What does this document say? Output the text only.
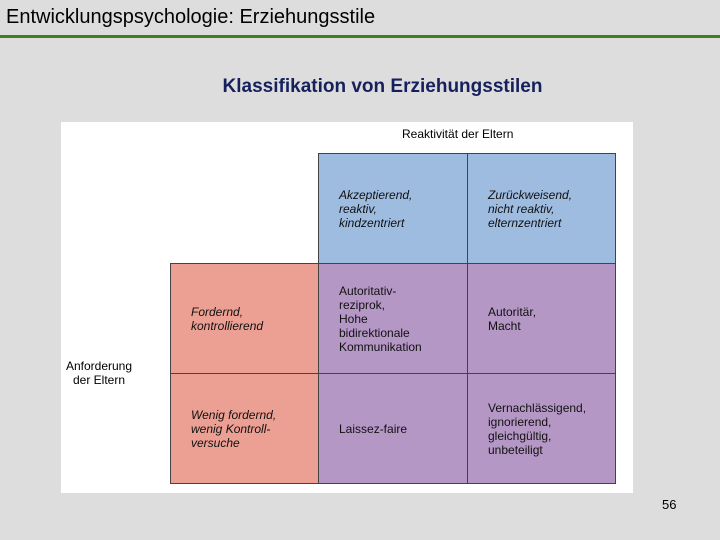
Entwicklungspsychologie: Erziehungsstile
Klassifikation von Erziehungsstilen
Reaktivität der Eltern
Anforderung
der Eltern
Akzeptierend,
reaktiv,
kindzentriert
Zurückweisend,
nicht reaktiv,
elternzentriert
Fordernd,
kontrollierend
Autoritativ-
reziprok,
Hohe
bidirektionale
Kommunikation
Autoritär,
Macht
Wenig fordernd,
wenig Kontroll-
versuche
Laissez-faire
Vernachlässigend,
ignorierend,
gleichgültig,
unbeteiligt
56
